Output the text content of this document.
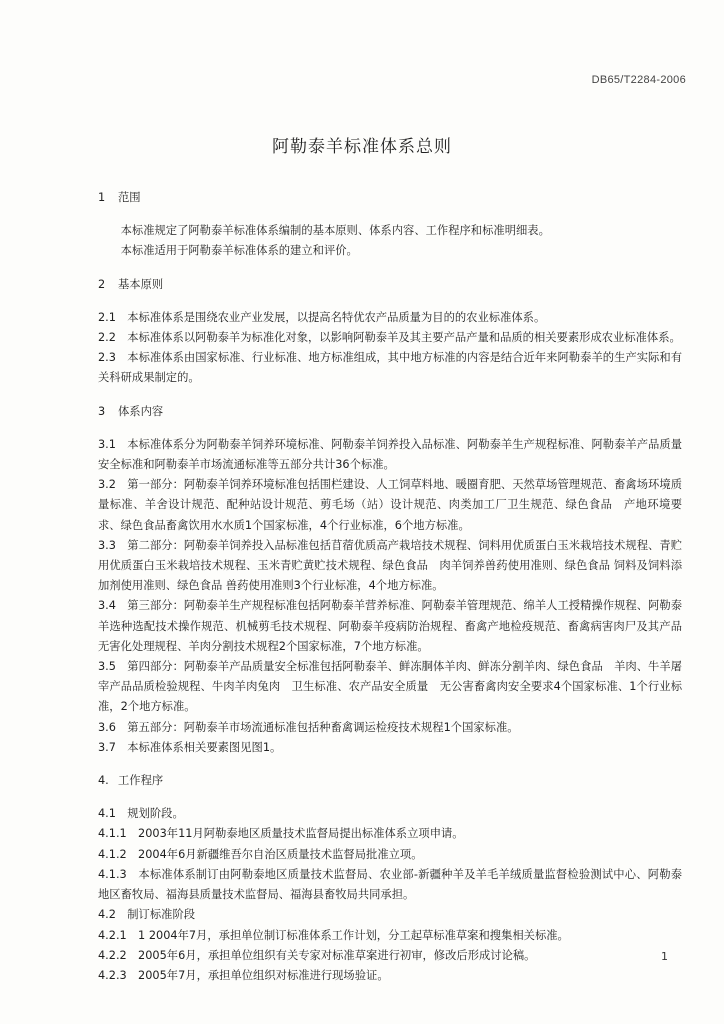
DB65/T2284-2006
阿勒泰羊标准体系总则

1 范围

本标准规定了阿勒泰羊标准体系编制的基本原则、体系内容、工作程序和标准明细表。

本标准适用于阿勒泰羊标准体系的建立和评价。

2 基本原则

2.1　本标准体系是围绕农业产业发展，以提高名特优农产品质量为目的的农业标准体系。

2.2　本标准体系以阿勒泰羊为标准化对象，以影响阿勒泰羊及其主要产品产量和品质的相关要素形成农业标准体系。

2.3　本标准体系由国家标准、行业标准、地方标准组成，其中地方标准的内容是结合近年来阿勒泰羊的生产实际和有关科研成果制定的。

3 体系内容

3.1　本标准体系分为阿勒泰羊饲养环境标准、阿勒泰羊饲养投入品标准、阿勒泰羊生产规程标准、阿勒泰羊产品质量安全标准和阿勒泰羊市场流通标准等五部分共计36个标准。

3.2　第一部分：阿勒泰羊饲养环境标准包括围栏建设、人工饲草料地、暖圈育肥、天然草场管理规范、畜禽场环境质量标准、羊舍设计规范、配种站设计规范、剪毛场（站）设计规范、肉类加工厂卫生规范、绿色食品　产地环境要求、绿色食品畜禽饮用水水质1个国家标准，4个行业标准，6个地方标准。

3.3　第二部分：阿勒泰羊饲养投入品标准包括苜蓿优质高产栽培技术规程、饲料用优质蛋白玉米栽培技术规程、青贮用优质蛋白玉米栽培技术规程、玉米青贮黄贮技术规程、绿色食品　肉羊饲养兽药使用准则、绿色食品 饲料及饲料添加剂使用准则、绿色食品 兽药使用准则3个行业标准，4个地方标准。

3.4　第三部分：阿勒泰羊生产规程标准包括阿勒泰羊营养标准、阿勒泰羊管理规范、绵羊人工授精操作规程、阿勒泰羊选种选配技术操作规范、机械剪毛技术规程、阿勒泰羊疫病防治规程、畜禽产地检疫规范、畜禽病害肉尸及其产品无害化处理规程、羊肉分割技术规程2个国家标准，7个地方标准。

3.5　第四部分：阿勒泰羊产品质量安全标准包括阿勒泰羊、鲜冻胴体羊肉、鲜冻分割羊肉、绿色食品　羊肉、牛羊屠宰产品品质检验规程、牛肉羊肉兔肉　卫生标准、农产品安全质量　无公害畜禽肉安全要求4个国家标准、1个行业标准，2个地方标准。

3.6　第五部分：阿勒泰羊市场流通标准包括种畜禽调运检疫技术规程1个国家标准。

3.7　本标准体系相关要素图见图1。

4. 工作程序

4.1　规划阶段。

4.1.1　2003年11月阿勒泰地区质量技术监督局提出标准体系立项申请。

4.1.2　2004年6月新疆维吾尔自治区质量技术监督局批准立项。

4.1.3　本标准体系制订由阿勒泰地区质量技术监督局、农业部-新疆种羊及羊毛羊绒质量监督检验测试中心、阿勒泰地区畜牧局、福海县质量技术监督局、福海县畜牧局共同承担。

4.2　制订标准阶段

4.2.1　1 2004年7月，承担单位制订标准体系工作计划，分工起草标准草案和搜集相关标准。

4.2.2　2005年6月，承担单位组织有关专家对标准草案进行初审，修改后形成讨论稿。

4.2.3　2005年7月，承担单位组织对标准进行现场验证。

1
